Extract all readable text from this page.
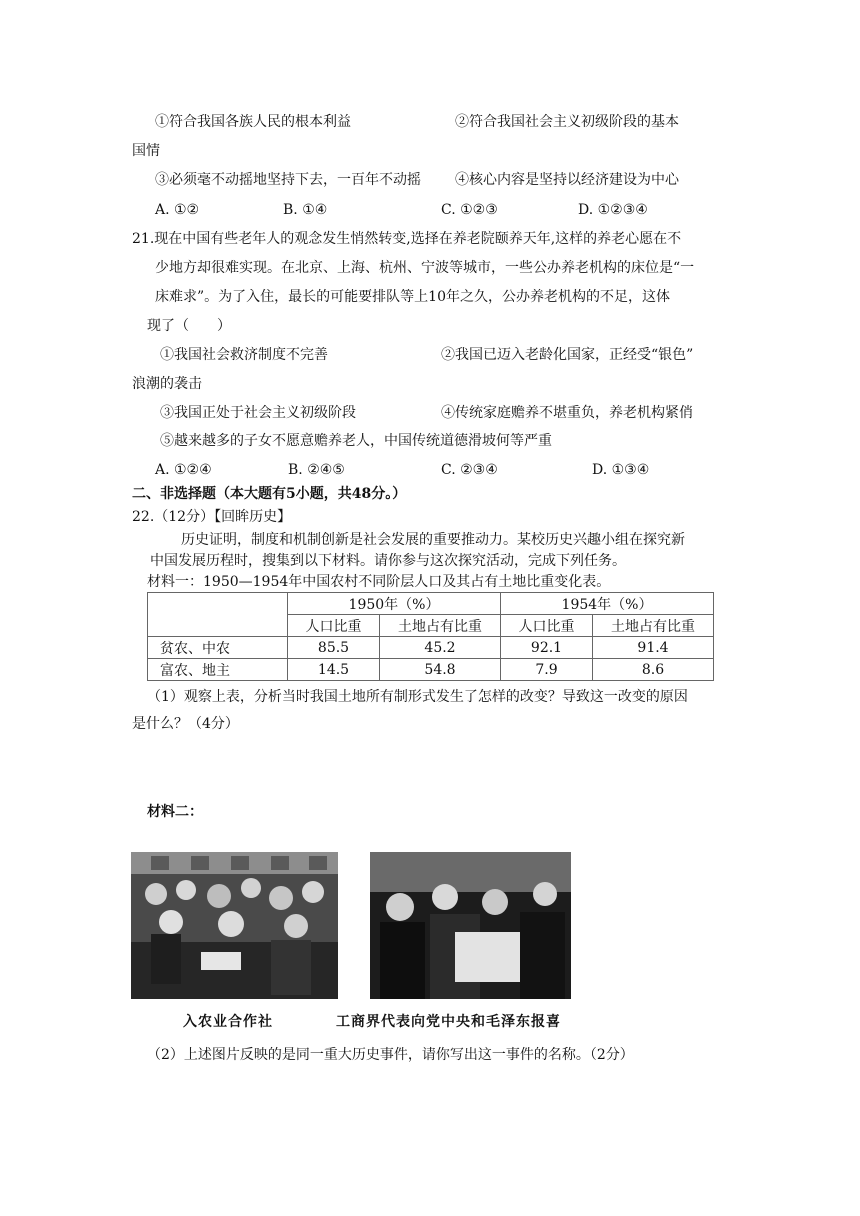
①符合我国各族人民的根本利益	②符合我国社会主义初级阶段的基本
国情
③必须毫不动摇地坚持下去，一百年不动摇 ④核心内容是坚持以经济建设为中心
A. ①②	B. ①④	C. ①②③	D. ①②③④
21.现在中国有些老年人的观念发生悄然转变,选择在养老院颐养天年,这样的养老心愿在不
少地方却很难实现。在北京、上海、杭州、宁波等城市，一些公办养老机构的床位是“一
床难求”。为了入住，最长的可能要排队等上10年之久，公办养老机构的不足，这体
现了（　　）
①我国社会救济制度不完善	②我国已迈入老龄化国家，正经受“银色”
浪潮的袭击
③我国正处于社会主义初级阶段	④传统家庭赡养不堪重负，养老机构紧俏
⑤越来越多的子女不愿意赡养老人，中国传统道德滑坡何等严重
A. ①②④	B. ②④⑤	C. ②③④	D. ①③④
二、非选择题（本大题有5小题，共48分。）
22.（12分）【回眸历史】
历史证明，制度和机制创新是社会发展的重要推动力。某校历史兴趣小组在探究新
中国发展历程时，搜集到以下材料。请你参与这次探究活动，完成下列任务。
材料一：1950—1954年中国农村不同阶层人口及其占有土地比重变化表。
	1950年（%）		1954年（%）	
	人口比重	土地占有比重	人口比重	土地占有比重
贫农、中农	85.5	45.2	92.1	91.4
富农、地主	14.5	54.8	7.9	8.6
（1）观察上表，分析当时我国土地所有制形式发生了怎样的改变？导致这一改变的原因
是什么？（4分）
材料二：
入农业合作社	工商界代表向党中央和毛泽东报喜
（2）上述图片反映的是同一重大历史事件，请你写出这一事件的名称。（2分）
